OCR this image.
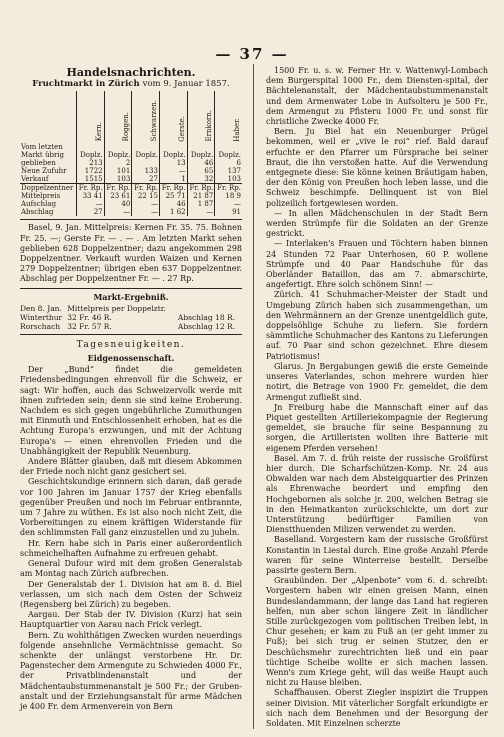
— 37 —
Handelsnachrichten.
Fruchtmarkt in Zürich vom 9. Januar 1857.
	Kern.	Roggen.	Schwarzen.	Gerste.	Ernkorn.	Haber.
Vom letzten						
Markt übrig	Doplz.	Doplz.	Doplz.	Doplz.	Doplz.	Doplz.
geblieben	213	2		13	46	6
Neue Zufuhr	1722	101	133	—	65	137
Verkauf	1515	103	27	1	32	103
Doppelzentner	Fr. Rp.	Fr. Rp.	Fr. Rp.	Fr. Rp.	Fr. Rp.	Fr. Rp.
Mittelpreis	33 41	23 61	22 15	25 71	21 87	18 9
Aufschlag	—	40	—	46	1 87	—
Abschlag	27	—	—	1 62	—	91

Basel, 9. Jan. Mittelpreis: Kernen Fr. 35. 75. Bohnen Fr. 25. —; Gerste Fr. — . — . Am letzten Markt sehen geblieben 628 Doppelzentner; dazu angekommen 298 Doppelzentner. Verkauft wurden Waizen und Kernen 279 Doppelzentner; übrigen eben 637 Doppelzentner. Abschlag per Doppelzentner Fr. — . 27 Rp.

Markt-Ergebniß.
Den 8. Jan.	Mittelpreis per Doppelztr.	
Winterthur	32 Fr. 46 R.	Abschlag 18 R.
Rorschach	32 Fr. 57 R.	Abschlag 12 R.
Tagesneuigkeiten.
Eidgenossenschaft.

Der „Bund“ findet die gemeldeten Friedensbedingungen ehrenvoll für die Schweiz, er sagt: Wir hoffen, auch das Schweizervolk werde mit ihnen zufrieden sein; denn sie sind keine Eroberung. Nachdem es sich gegen ungebührliche Zumuthungen mit Einmuth und Entschlossenheit erhoben, hat es die Achtung Europa's erzwungen, und mit der Achtung Europa's — einen ehrenvollen Frieden und die Unabhängigkeit der Republik Neuenburg.

Andere Blätter glauben, daß mit diesem Abkommen der Friede noch nicht ganz gesichert sei.

Geschichtskundige erinnern sich daran, daß gerade vor 100 Jahren im Januar 1757 der Krieg ebenfalls gegenüber Preußen und noch im Februar entbrannte, um 7 Jahre zu wüthen. Es ist also noch nicht Zeit, die Vorbereitungen zu einem kräftigen Widerstande für den schlimmsten Fall ganz einzustellen und zu jubeln.

Hr. Kern habe sich in Paris einer außerordentlich schmeichelhaften Aufnahme zu erfreuen gehabt.

General Dufour wird mit dem großen Generalstab am Montag nach Zürich aufbrechen.

Der Generalstab der 1. Division hat am 8. d. Biel verlassen, um sich nach dem Osten der Schweiz (Regensberg bei Zürich) zu begeben.

Aargau. Der Stab der IV. Division (Kurz) hat sein Hauptquartier von Aarau nach Frick verlegt.

Bern. Zu wohlthätigen Zwecken wurden neuerdings folgende ansehnliche Vermächtnisse gemacht. So schenkte der unlängst verstorbene Hr. Dr. Pagenstecher dem Armengute zu Schwieden 4000 Fr., der Privatblindenanstalt und der Mädchentaubstummenanstalt je 500 Fr.; der Gruben-anstalt und der Erziehungsanstalt für arme Mädchen je 400 Fr. dem Armenverein von Bern

1500 Fr. u. s. w. Ferner Hr. v. Wattenwyl-Lombach dem Burgerspital 1000 Fr., dem Diensten-spital, der Bächtelenanstalt, der Mädchentaubstummenanstalt und dem Armenwater Lobe in Aufsolteru je 500 Fr., dem Armengut zu Pfisteru 1000 Fr. und sonst für christliche Zwecke 4000 Fr.

Bern. Ju Biel hat ein Neuenburger Prügel bekommen, weil er „vive le roi“ rief. Bald darauf erfuchte er den Pfarrer um Fürsprache bei seiner Braut, die ihn verstoßen hatte. Auf die Verwendung entgegnete diese: Sie könne keinen Bräutigam haben, der den König von Preußen hoch leben lasse, und die Schweiz beschimpfe. Dellinquent ist von Biel polizeilich fortgewiesen worden.

— In allen Mädchenschulen in der Stadt Bern werden Strümpfe für die Soldaten an der Grenze gestrickt.

— Interlaken's Frauen und Töchtern haben binnen 24 Stunden 72 Paar Unterhosen, 60 P. wollene Strümpfe und 40 Paar Handschuhe für das Oberländer Bataillon, das am 7. abmarschirte, angefertigt. Ehre solch schönem Sinn! —

Zürich. 41 Schuhmacher-Meister der Stadt und Umgebung Zürich haben sich zusammengethan, um den Wehrmännern an der Grenze unentgeldlich gute, doppelsöhlige Schuhe zu liefern. Sie fordern sämmtliche Schuhmacher des Kantons zu Lieferungen auf. 70 Paar sind schon gezeichnet. Ehre diesem Patriotismus!

Glarus. Jn Bergabungen gewiß die erste Gemeinde unseres Vaterlandes, schon mehrere wurden hier notirt, die Betrage von 1900 Fr. gemeldet, die dem Armengut zufließt sind.

Jn Freiburg habe die Mannschaft einer auf das Piquet gestellten Artilleriekompagnie der Regierung gemeldet, sie brauche für seine Bespannung zu sorgen, die Artilleristen wollten ihre Batterie mit eigenem Pferden versehen!

Basel. Am 7. d. früh reiste der russische Großfürst hier durch. Die Scharfschützen-Komp. Nr. 24 aus Obwalden war nach dem Absteigquartier des Prinzen als Ehrenwache beordert und empfing den Hochgebornen als solche jr. 200, welchen Betrag sie in den Heimatkanton zurückschickte, um dort zur Unterstützung bedürftiger Familien von Dienstthuenden Milizen verwendet zu werden.

Baselland. Vorgestern kam der russische Großfürst Konstantin in Liestal durch. Eine große Anzahl Pferde waren für seine Winterreise bestellt. Derselbe passirte gestern Bern.

Graubünden. Der „Alpenbote“ vom 6. d. schreibt: Vorgestern haben wir einen greisen Mann, einen Bundeslandammann, der lange das Land hat regieren helfen, nun aber schon längere Zeit in ländlicher Stille zurückgezogen vom politischen Treiben lebt, in Chur gesehen; er kam zu Fuß an (er geht immer zu Fuß); bei sich trug er seinen Stutzer, den er Deschüchsmehr zurechtrichten ließ und ein paar tüchtige Scheibe wollte er sich machen lassen. Wenn's zum Kriege geht, will das weiße Haupt auch nicht zu Hause bleiben.

Schaffhausen. Oberst Ziegler inspizirt die Truppen seiner Division. Mit väterlicher Sorgfalt erkundigte er sich nach dem Benehmen und der Besorgung der Soldaten. Mit Einzelnen scherzte
